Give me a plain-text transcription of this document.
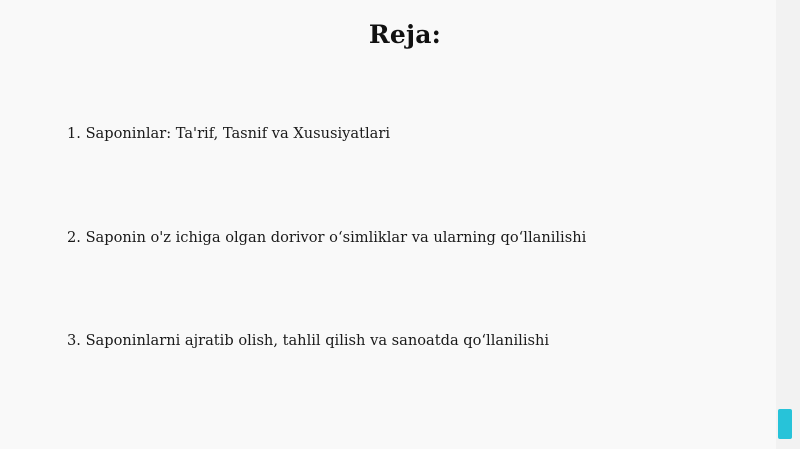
Reja:

1. Saponinlar: Ta'rif, Tasnif va Xususiyatlari

2. Saponin o'z ichiga olgan dorivor o‘simliklar va ularning qo‘llanilishi

3. Saponinlarni ajratib olish, tahlil qilish va sanoatda qo‘llanilishi
